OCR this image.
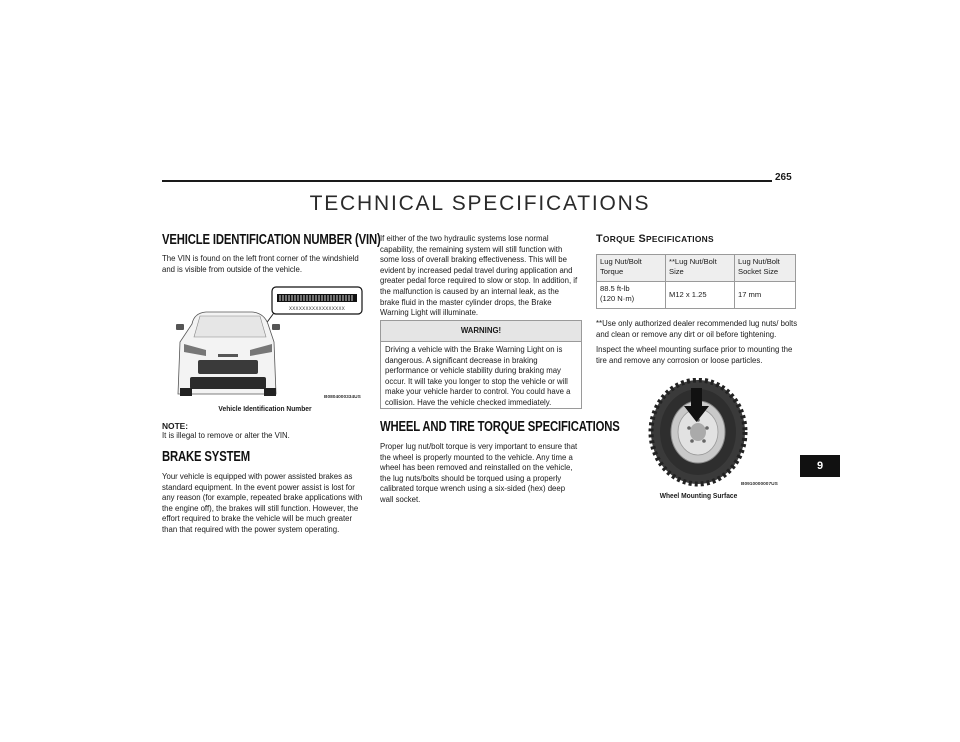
265
TECHNICAL SPECIFICATIONS
VEHICLE IDENTIFICATION NUMBER (VIN)
The VIN is found on the left front corner of the windshield and is visible from outside of the vehicle.
XXXXXXXXXXXXXXXXX
B0804000334US
Vehicle Identification Number
NOTE:
It is illegal to remove or alter the VIN.
BRAKE SYSTEM
Your vehicle is equipped with power assisted brakes as standard equipment. In the event power assist is lost for any reason (for example, repeated brake applications with the engine off), the brakes will still function. However, the effort required to brake the vehicle will be much greater than that required with the power system operating.
If either of the two hydraulic systems lose normal capability, the remaining system will still function with some loss of overall braking effectiveness. This will be evident by increased pedal travel during application and greater pedal force required to slow or stop. In addition, if the malfunction is caused by an internal leak, as the brake fluid in the master cylinder drops, the Brake Warning Light will illuminate.
WARNING!
Driving a vehicle with the Brake Warning Light on is dangerous. A significant decrease in braking performance or vehicle stability during braking may occur. It will take you longer to stop the vehicle or will make your vehicle harder to control. You could have a collision. Have the vehicle checked immediately.
WHEEL AND TIRE TORQUE SPECIFICATIONS
Proper lug nut/bolt torque is very important to ensure that the wheel is properly mounted to the vehicle. Any time a wheel has been removed and reinstalled on the vehicle, the lug nuts/bolts should be torqued using a properly calibrated torque wrench using a six-sided (hex) deep wall socket.
TORQUE SPECIFICATIONS
Lug Nut/Bolt Torque	**Lug Nut/Bolt Size	Lug Nut/Bolt Socket Size

88.5 ft-lb
(120 N·m)	M12 x 1.25	17 mm
**Use only authorized dealer recommended lug nuts/ bolts and clean or remove any dirt or oil before tightening.
Inspect the wheel mounting surface prior to mounting the tire and remove any corrosion or loose particles.
B0910000007US
Wheel Mounting Surface
9
